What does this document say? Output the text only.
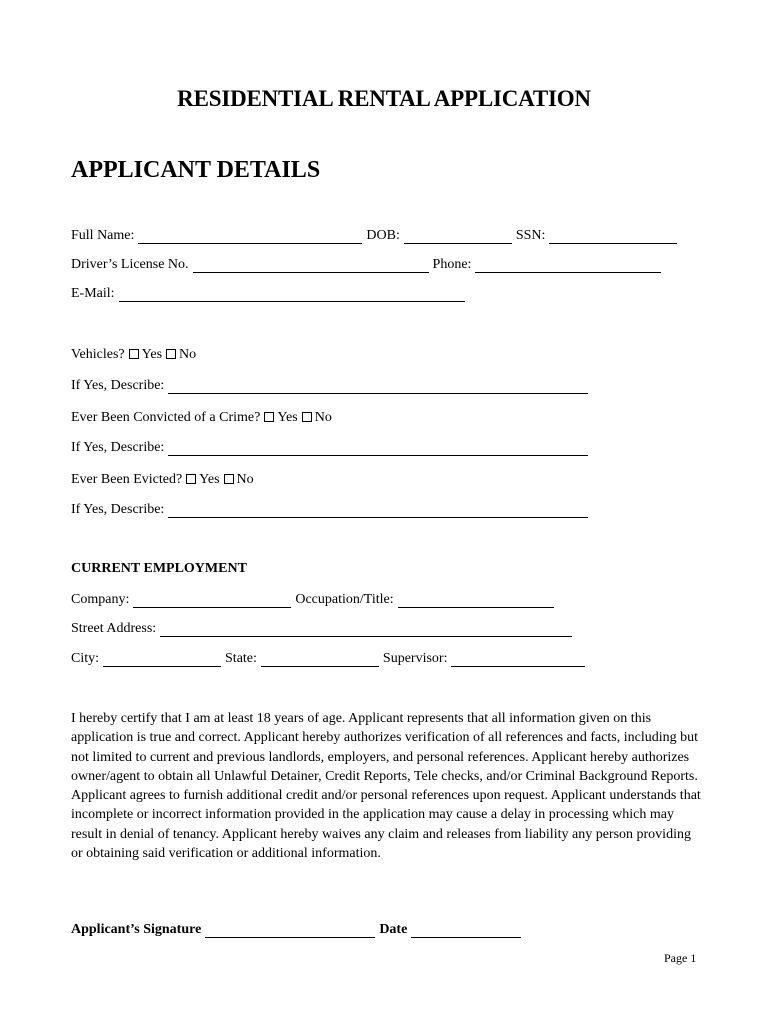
RESIDENTIAL RENTAL APPLICATION
APPLICANT DETAILS
Full Name:	DOB:	SSN:
Driver’s License No.	Phone:
E-Mail:
Vehicles? Yes No
If Yes, Describe:
Ever Been Convicted of a Crime? Yes No
If Yes, Describe:
Ever Been Evicted? Yes No
If Yes, Describe:
CURRENT EMPLOYMENT
Company:	Occupation/Title:
Street Address:
City:	State:	Supervisor:
I hereby certify that I am at least 18 years of age. Applicant represents that all information given on this application is true and correct. Applicant hereby authorizes verification of all references and facts, including but not limited to current and previous landlords, employers, and personal references. Applicant hereby authorizes owner/agent to obtain all Unlawful Detainer, Credit Reports, Tele checks, and/or Criminal Background Reports. Applicant agrees to furnish additional credit and/or personal references upon request. Applicant understands that incomplete or incorrect information provided in the application may cause a delay in processing which may result in denial of tenancy. Applicant hereby waives any claim and releases from liability any person providing or obtaining said verification or additional information.
Applicant’s Signature	Date
Page 1
